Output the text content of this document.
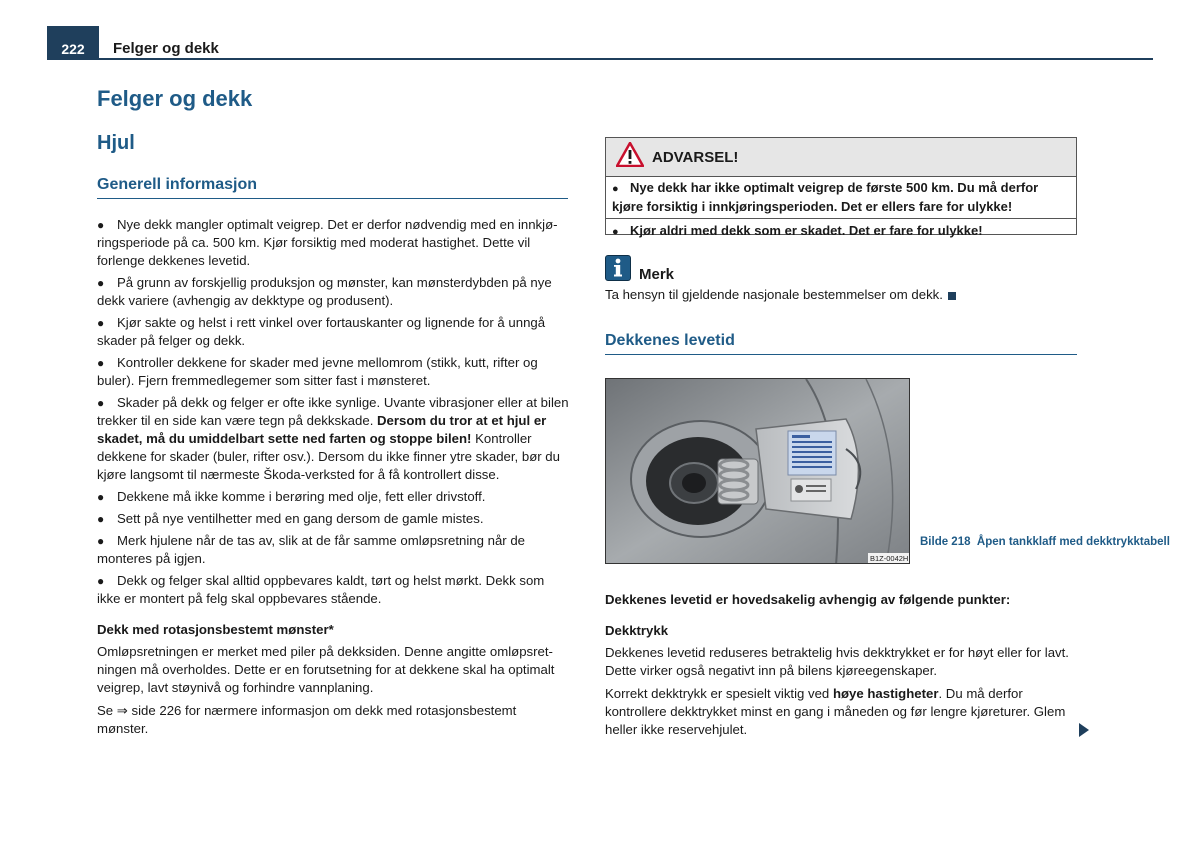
222	Felger og dekk
Felger og dekk
Hjul
Generell informasjon
● Nye dekk mangler optimalt veigrep. Det er derfor nødvendig med en innkjø-ringsperiode på ca. 500 km. Kjør forsiktig med moderat hastighet. Dette vil forlenge dekkenes levetid.
● På grunn av forskjellig produksjon og mønster, kan mønsterdybden på nye dekk variere (avhengig av dekktype og produsent).
● Kjør sakte og helst i rett vinkel over fortauskanter og lignende for å unngå skader på felger og dekk.
● Kontroller dekkene for skader med jevne mellomrom (stikk, kutt, rifter og buler). Fjern fremmedlegemer som sitter fast i mønsteret.
● Skader på dekk og felger er ofte ikke synlige. Uvante vibrasjoner eller at bilen trekker til en side kan være tegn på dekkskade. Dersom du tror at et hjul er skadet, må du umiddelbart sette ned farten og stoppe bilen! Kontroller dekkene for skader (buler, rifter osv.). Dersom du ikke finner ytre skader, bør du kjøre langsomt til nærmeste Škoda-verksted for å få kontrollert disse.
● Dekkene må ikke komme i berøring med olje, fett eller drivstoff.
● Sett på nye ventilhetter med en gang dersom de gamle mistes.
● Merk hjulene når de tas av, slik at de får samme omløpsretning når de monteres på igjen.
● Dekk og felger skal alltid oppbevares kaldt, tørt og helst mørkt. Dekk som ikke er montert på felg skal oppbevares stående.
Dekk med rotasjonsbestemt mønster*

Omløpsretningen er merket med piler på dekksiden. Denne angitte omløpsret-ningen må overholdes. Dette er en forutsetning for at dekkene skal ha optimalt veigrep, lavt støynivå og forhindre vannplaning.

Se ⇒ side 226 for nærmere informasjon om dekk med rotasjonsbestemt mønster.

ADVARSEL!
● Nye dekk har ikke optimalt veigrep de første 500 km. Du må derfor kjøre forsiktig i innkjøringsperioden. Det er ellers fare for ulykke!
● Kjør aldri med dekk som er skadet. Det er fare for ulykke!
Merk
Ta hensyn til gjeldende nasjonale bestemmelser om dekk.
Dekkenes levetid
B1Z-0042H
Bilde 218 Åpen tankklaff med dekktrykktabell

Dekkenes levetid er hovedsakelig avhengig av følgende punkter:

Dekktrykk

Dekkenes levetid reduseres betraktelig hvis dekktrykket er for høyt eller for lavt. Dette virker også negativt inn på bilens kjøreegenskaper.

Korrekt dekktrykk er spesielt viktig ved høye hastigheter. Du må derfor kontrollere dekktrykket minst en gang i måneden og før lengre kjøreturer. Glem heller ikke reservehjulet.
